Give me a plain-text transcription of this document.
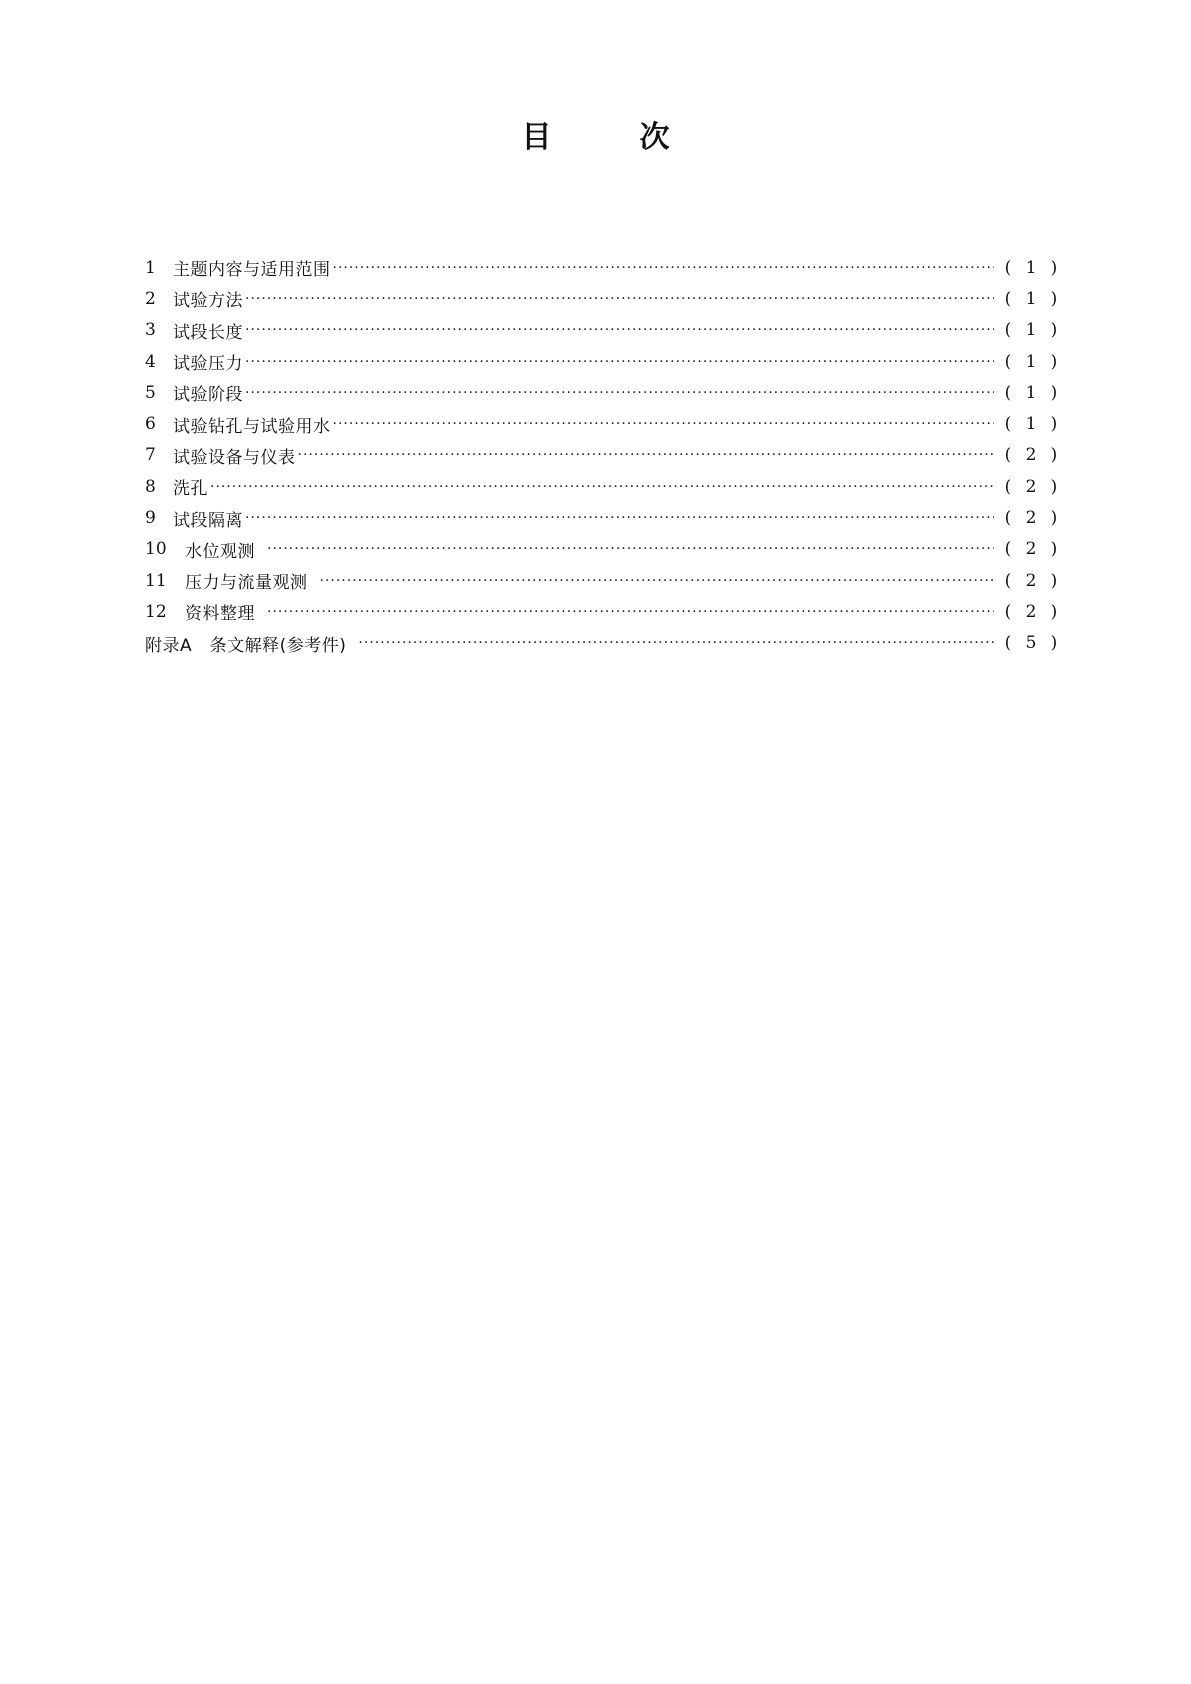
目	次
1	主题内容与适用范围 ·····	( 1 )
2	试验方法 ·····	( 1 )
3	试段长度 ·····	( 1 )
4	试验压力 ·····	( 1 )
5	试验阶段 ·····	( 1 )
6	试验钻孔与试验用水 ·····	( 1 )
7	试验设备与仪表 ·····	( 2 )
8	洗孔 ·····	( 2 )
9	试段隔离 ·····	( 2 )
10	水位观测 ·····	( 2 )
11	压力与流量观测 ·····	( 2 )
12	资料整理 ·····	( 2 )
附录A　条文解释(参考件) ·····	( 5 )
